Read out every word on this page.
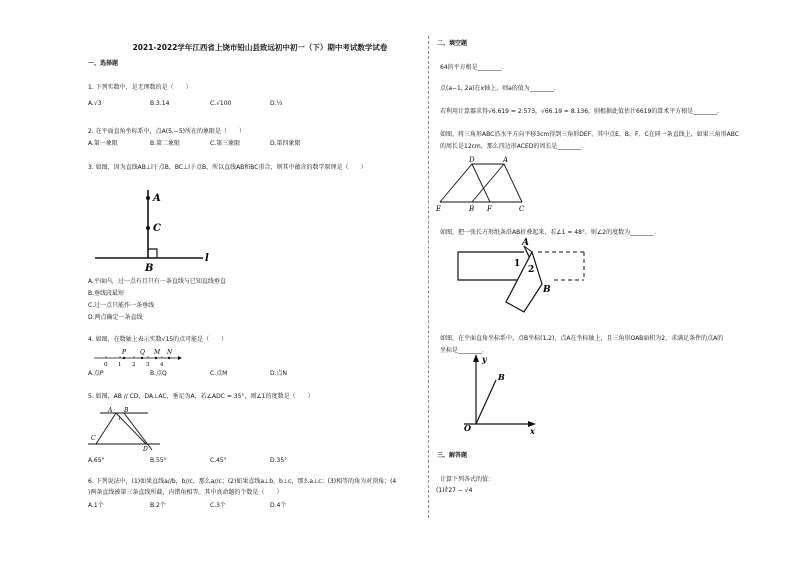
2021-2022学年江西省上饶市铅山县致远初中初一（下）期中考试数学试卷
一、选择题
1. 下列实数中，是无理数的是（　　）
A.√3	B.3.14	C.√100	D.⅓
2. 在平面直角坐标系中，点A(5,−5)所在的象限是（　　）
A.第一象限	B.第二象限	C.第三象限	D.第四象限
3. 如图，因为直线AB⊥l于点B，BC⊥l于点B，所以直线AB和BC重合，则其中蕴含的数学原理是（　　）
A
C
B
l
A.平面内，过一点有且只有一条直线与已知直线垂直
B.垂线段最短
C.过一点只能作一条垂线
D.两点确定一条直线
4. 如图，在数轴上表示实数√15的点可能是（　　）
P Q M N
0 1 2 3 4
A.点P	B.点Q	C.点M	D.点N
5. 如图，AB // CD，DA⊥AC，垂足为A，若∠ADC = 35°，则∠1的度数是（　　）
A B
1
C
D
A.65°	B.55°	C.45°	D.35°
6. 下列说法中，(1)如果直线a//b，b//c，那么a//c；(2)如果直线a⊥b，b⊥c，那么a⊥c；(3)相等的角为对顶角；(4
)两条直线被第三条直线所截，内错角相等。其中真命题的个数是（　　）
A.1个	B.2个	C.3个	D.4个
二、填空题
64的平方根是________.
点(a−1, 2a)在x轴上，则a的值为________.
若利用计算器求得√6.619 = 2.573，√66.19 = 8.136，则根据此值估计6619的算术平方根是________.
如图，将三角形ABC沿水平方向平移3cm得到三角形DEF，其中点E、B、F、C在同一条直线上，如果三角形ABC
的周长是12cm，那么四边形ACED的周长是________.
D	A
E	B F	C
如图，把一张长方形纸条沿AB折叠起来，若∠1 = 48°，则∠2的度数为________.
A
1
2
B
如图，在平面直角坐标系中，点B坐标(1,2)，点A在坐标轴上，且三角形OAB面积为2，求满足条件的点A的
坐标是________.
y
B
O	x
三、解答题
计算下列各式的值：
(1)∛27 − √4
